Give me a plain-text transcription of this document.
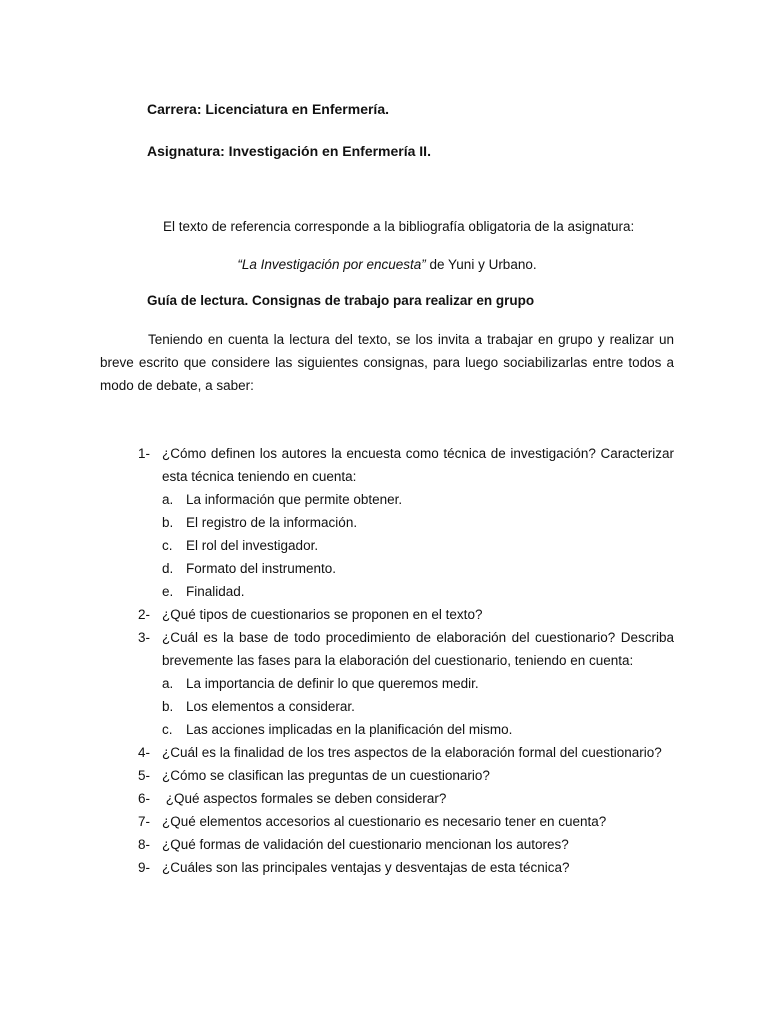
Carrera: Licenciatura en Enfermería.
Asignatura: Investigación en Enfermería II.
El texto de referencia corresponde a la bibliografía obligatoria de la asignatura:
“La Investigación por encuesta” de Yuni y Urbano.
Guía de lectura. Consignas de trabajo para realizar en grupo
Teniendo en cuenta la lectura del texto, se los invita a trabajar en grupo y realizar un breve escrito que considere las siguientes consignas, para luego sociabilizarlas entre todos a modo de debate, a saber:
1- ¿Cómo definen los autores la encuesta como técnica de investigación? Caracterizar esta técnica teniendo en cuenta:
a. La información que permite obtener.
b. El registro de la información.
c. El rol del investigador.
d. Formato del instrumento.
e. Finalidad.
2- ¿Qué tipos de cuestionarios se proponen en el texto?
3- ¿Cuál es la base de todo procedimiento de elaboración del cuestionario? Describa brevemente las fases para la elaboración del cuestionario, teniendo en cuenta:
a. La importancia de definir lo que queremos medir.
b. Los elementos a considerar.
c. Las acciones implicadas en la planificación del mismo.
4- ¿Cuál es la finalidad de los tres aspectos de la elaboración formal del cuestionario?
5- ¿Cómo se clasifican las preguntas de un cuestionario?
6- ¿Qué aspectos formales se deben considerar?
7- ¿Qué elementos accesorios al cuestionario es necesario tener en cuenta?
8- ¿Qué formas de validación del cuestionario mencionan los autores?
9- ¿Cuáles son las principales ventajas y desventajas de esta técnica?
